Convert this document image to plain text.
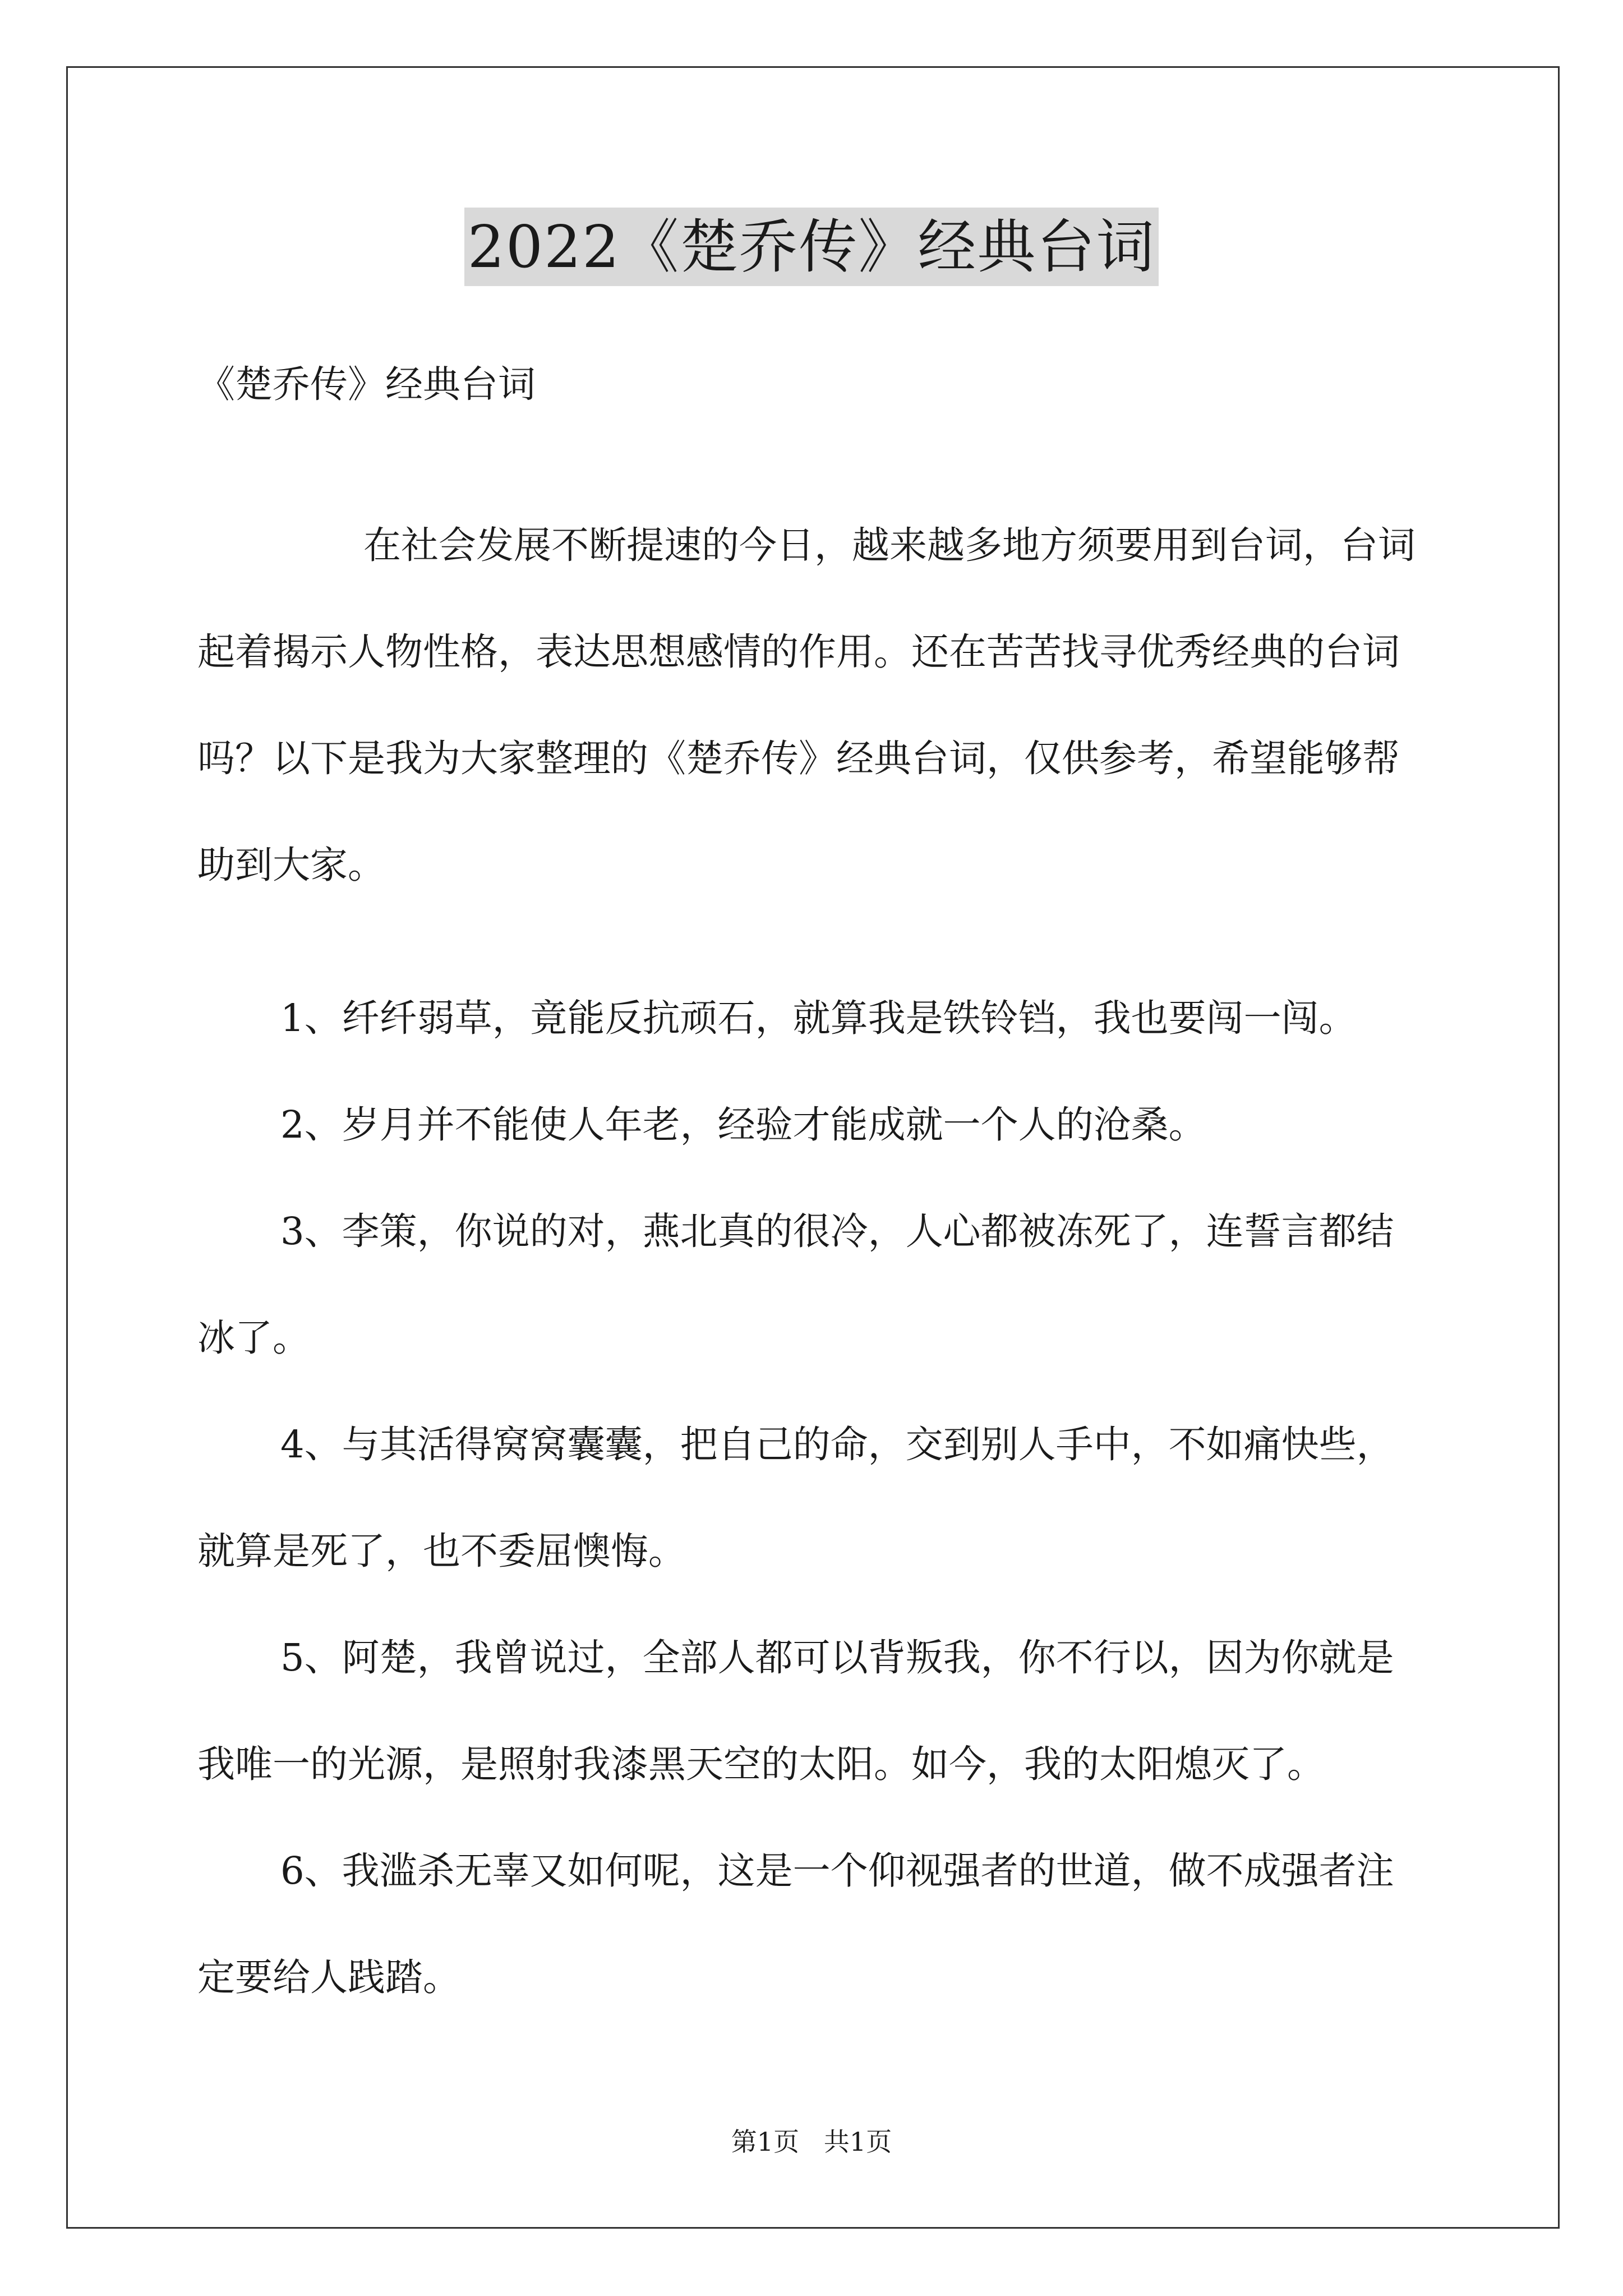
2022《楚乔传》经典台词
《楚乔传》经典台词

在社会发展不断提速的今日，越来越多地方须要用到台词，台词起着揭示人物性格，表达思想感情的作用。还在苦苦找寻优秀经典的台词吗？以下是我为大家整理的《楚乔传》经典台词，仅供参考，希望能够帮助到大家。

1、纤纤弱草，竟能反抗顽石，就算我是铁铃铛，我也要闯一闯。

2、岁月并不能使人年老，经验才能成就一个人的沧桑。

3、李策，你说的对，燕北真的很冷，人心都被冻死了，连誓言都结冰了。

4、与其活得窝窝囊囊，把自己的命，交到别人手中，不如痛快些，就算是死了，也不委屈懊悔。

5、阿楚，我曾说过，全部人都可以背叛我，你不行以，因为你就是我唯一的光源，是照射我漆黑天空的太阳。如今，我的太阳熄灭了。

6、我滥杀无辜又如何呢，这是一个仰视强者的世道，做不成强者注定要给人践踏。

第1页   共1页
